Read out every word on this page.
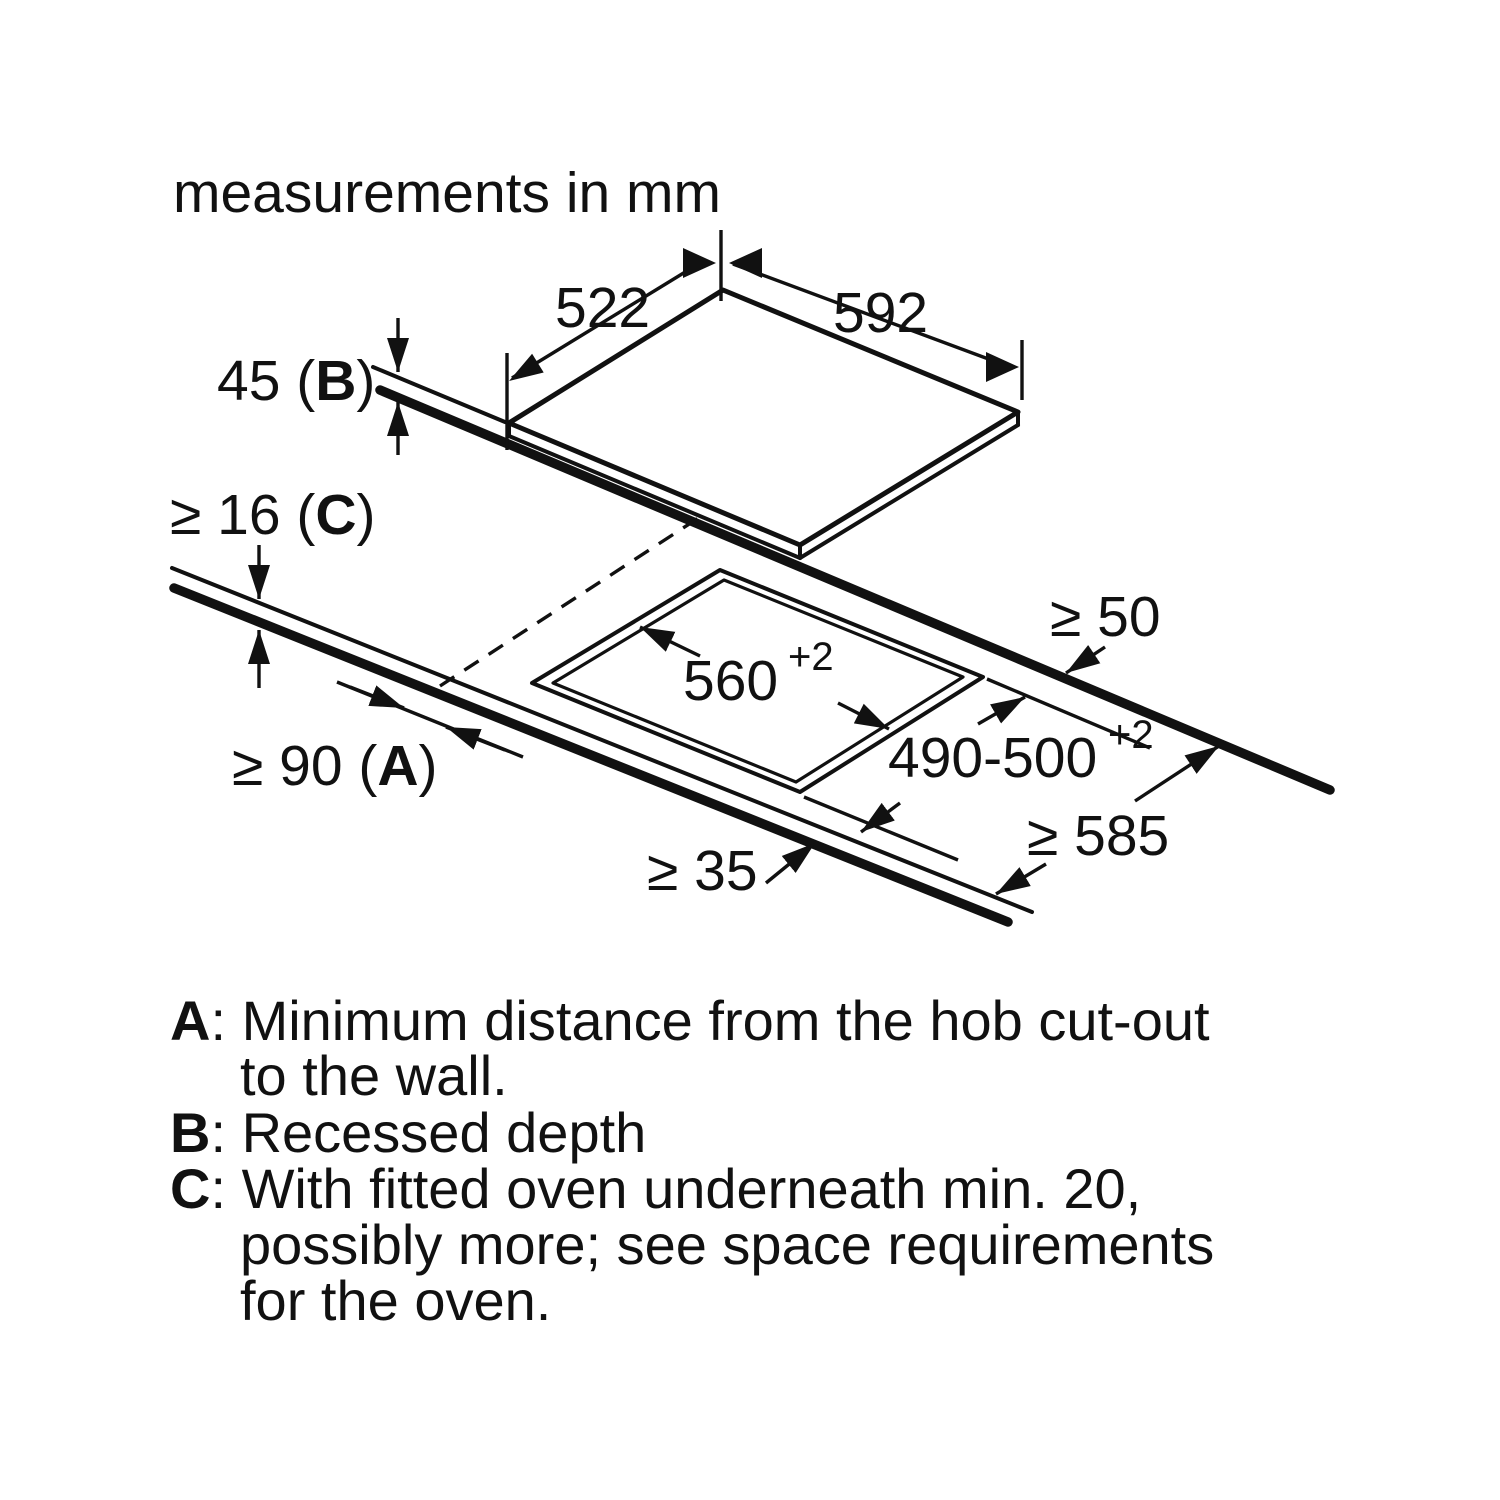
measurements in mm
522	592
45 (B)
≥ 16 (C)
≥ 90 (A)
≥ 50
560 +2
490-500 +2
≥ 585
≥ 35
A: Minimum distance from the hob cut-out
to the wall.
B: Recessed depth
C: With fitted oven underneath min. 20,
possibly more; see space requirements
for the oven.
